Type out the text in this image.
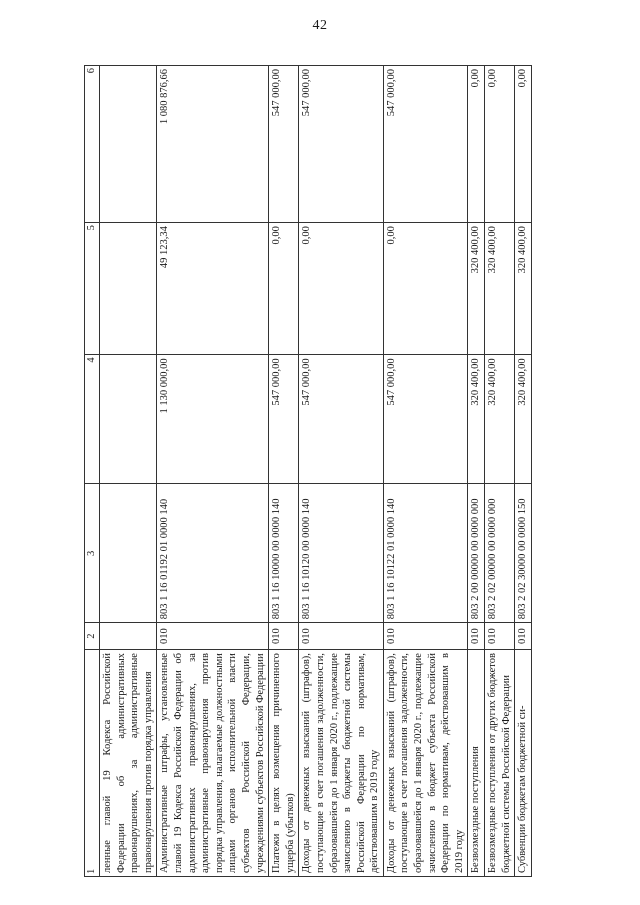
42
1	2	3	4	5	6
ленные главой 19 Кодекса Российской Федерации об административных правонарушениях, за административные правонарушения против порядка управления					
Административные штрафы, установленные главой 19 Кодекса Российской Федерации об административных правонарушениях, за административные правонарушения против порядка управления, налагаемые должностными лицами органов исполнительной власти субъектов Российской Федерации, учреждениями субъектов Российской Федерации	010	803 1 16 01192 01 0000 140	1 130 000,00	49 123,34	1 080 876,66
Платежи в целях возмещения причиненного ущерба (убытков)	010	803 1 16 10000 00 0000 140	547 000,00	0,00	547 000,00
Доходы от денежных взысканий (штрафов), поступающие в счет погашения задолженности, образовавшейся до 1 января 2020 г., подлежащие зачислению в бюджеты бюджетной системы Российской Федерации по нормативам, действовавшим в 2019 году	010	803 1 16 10120 00 0000 140	547 000,00	0,00	547 000,00
Доходы от денежных взысканий (штрафов), поступающие в счет погашения задолженности, образовавшейся до 1 января 2020 г., подлежащие зачислению в бюджет субъекта Российской Федерации по нормативам, действовавшим в 2019 году	010	803 1 16 10122 01 0000 140	547 000,00	0,00	547 000,00
Безвозмездные поступления	010	803 2 00 00000 00 0000 000	320 400,00	320 400,00	0,00
Безвозмездные поступления от других бюджетов бюджетной системы Российской Федерации	010	803 2 02 00000 00 0000 000	320 400,00	320 400,00	0,00
Субвенции бюджетам бюджетной си-	010	803 2 02 30000 00 0000 150	320 400,00	320 400,00	0,00
